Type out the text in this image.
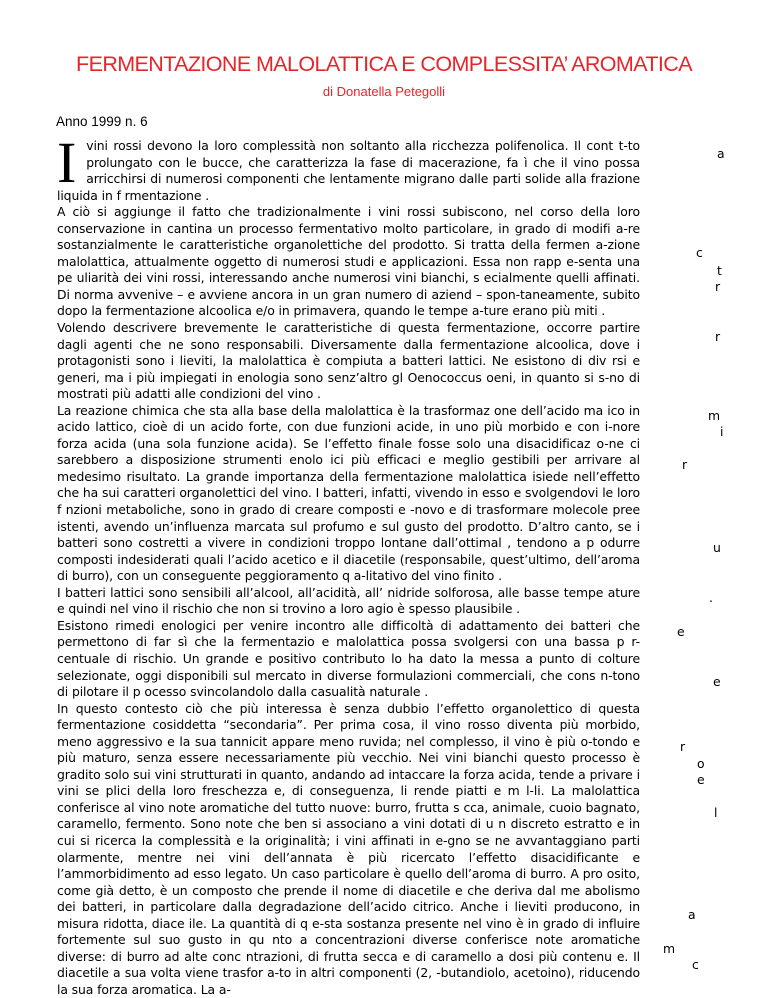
FERMENTAZIONE MALOLATTICA E COMPLESSITA’ AROMATICA
di Donatella Petegolli
Anno 1999 n. 6

Ivini rossi devono la loro complessità non soltanto alla ricchezza polifenolica. Il cont t-to prolungato con le bucce, che caratterizza la fase di macerazione, fa ì che il vino possa arricchirsi di numerosi componenti che lentamente migrano dalle parti solide alla frazione liquida in f rmentazione .

A ciò si aggiunge il fatto che tradizionalmente i vini rossi subiscono, nel corso della loro conservazione in cantina un processo fermentativo molto particolare, in grado di modifi a-re sostanzialmente le caratteristiche organolettiche del prodotto. Si tratta della fermen a-zione malolattica, attualmente oggetto di numerosi studi e applicazioni. Essa non rapp e-senta una pe uliarità dei vini rossi, interessando anche numerosi vini bianchi, s ecialmente quelli affinati. Di norma avvenive – e avviene ancora in un gran numero di aziend – spon-taneamente, subito dopo la fermentazione alcoolica e/o in primavera, quando le tempe a-ture erano più miti .

Volendo descrivere brevemente le caratteristiche di questa fermentazione, occorre partire dagli agenti che ne sono responsabili. Diversamente dalla fermentazione alcoolica, dove i protagonisti sono i lieviti, la malolattica è compiuta a batteri lattici. Ne esistono di div rsi e generi, ma i più impiegati in enologia sono senz’altro gl Oenococcus oeni, in quanto si s-no di mostrati più adatti alle condizioni del vino .

La reazione chimica che sta alla base della malolattica è la trasformaz one dell’acido ma ico in acido lattico, cioè di un acido forte, con due funzioni acide, in uno più morbido e con i-nore forza acida (una sola funzione acida). Se l’effetto finale fosse solo una disacidificaz o-ne ci sarebbero a disposizione strumenti enolo ici più efficaci e meglio gestibili per arrivare al medesimo risultato. La grande importanza della fermentazione malolattica isiede nell’effetto che ha sui caratteri organolettici del vino. I batteri, infatti, vivendo in esso e svolgendovi le loro f nzioni metaboliche, sono in grado di creare composti e -novo e di trasformare molecole pree istenti, avendo un’influenza marcata sul profumo e sul gusto del prodotto. D’altro canto, se i batteri sono costretti a vivere in condizioni troppo lontane dall’ottimal , tendono a p odurre composti indesiderati quali l’acido acetico e il diacetile (responsabile, quest’ultimo, dell’aroma di burro), con un conseguente peggioramento q a-litativo del vino finito .

I batteri lattici sono sensibili all’alcool, all’acidità, all’ nidride solforosa, alle basse tempe ature e quindi nel vino il rischio che non si trovino a loro agio è spesso plausibile .

Esistono rimedi enologici per venire incontro alle difficoltà di adattamento dei batteri che permettono di far sì che la fermentazio e malolattica possa svolgersi con una bassa p r-centuale di rischio. Un grande e positivo contributo lo ha dato la messa a punto di colture selezionate, oggi disponibili sul mercato in diverse formulazioni commerciali, che cons n-tono di pilotare il p ocesso svincolandolo dalla casualità naturale .

In questo contesto ciò che più interessa è senza dubbio l’effetto organolettico di questa fermentazione cosiddetta “secondaria”. Per prima cosa, il vino rosso diventa più morbido, meno aggressivo e la sua tannicit appare meno ruvida; nel complesso, il vino è più o-tondo e più maturo, senza essere necessariamente più vecchio. Nei vini bianchi questo processo è gradito solo sui vini strutturati in quanto, andando ad intaccare la forza acida, tende a privare i vini se plici della loro freschezza e, di conseguenza, li rende piatti e m l-li. La malolattica conferisce al vino note aromatiche del tutto nuove: burro, frutta s cca, animale, cuoio bagnato, caramello, fermento. Sono note che ben si associano a vini dotati di u n discreto estratto e in cui si ricerca la complessità e la originalità; i vini affinati in e-gno se ne avvantaggiano parti olarmente, mentre nei vini dell’annata è più ricercato l’effetto disacidificante e l’ammorbidimento ad esso legato. Un caso particolare è quello dell’aroma di burro. A pro osito, come già detto, è un composto che prende il nome di diacetile e che deriva dal me abolismo dei batteri, in particolare dalla degradazione dell’acido citrico. Anche i lieviti producono, in misura ridotta, diace ile. La quantità di q e-sta sostanza presente nel vino è in grado di influire fortemente sul suo gusto in qu nto a concentrazioni diverse conferisce note aromatiche diverse: di burro ad alte conc ntrazioni, di frutta secca e di caramello a dosi più contenu e. Il diacetile a sua volta viene trasfor a-to in altri componenti (2, -butandiolo, acetoino), riducendo la sua forza aromatica. La a-

a
c
t
r
r
m
i
r
u
.
e
e
r
o
e
l
a
m
c
